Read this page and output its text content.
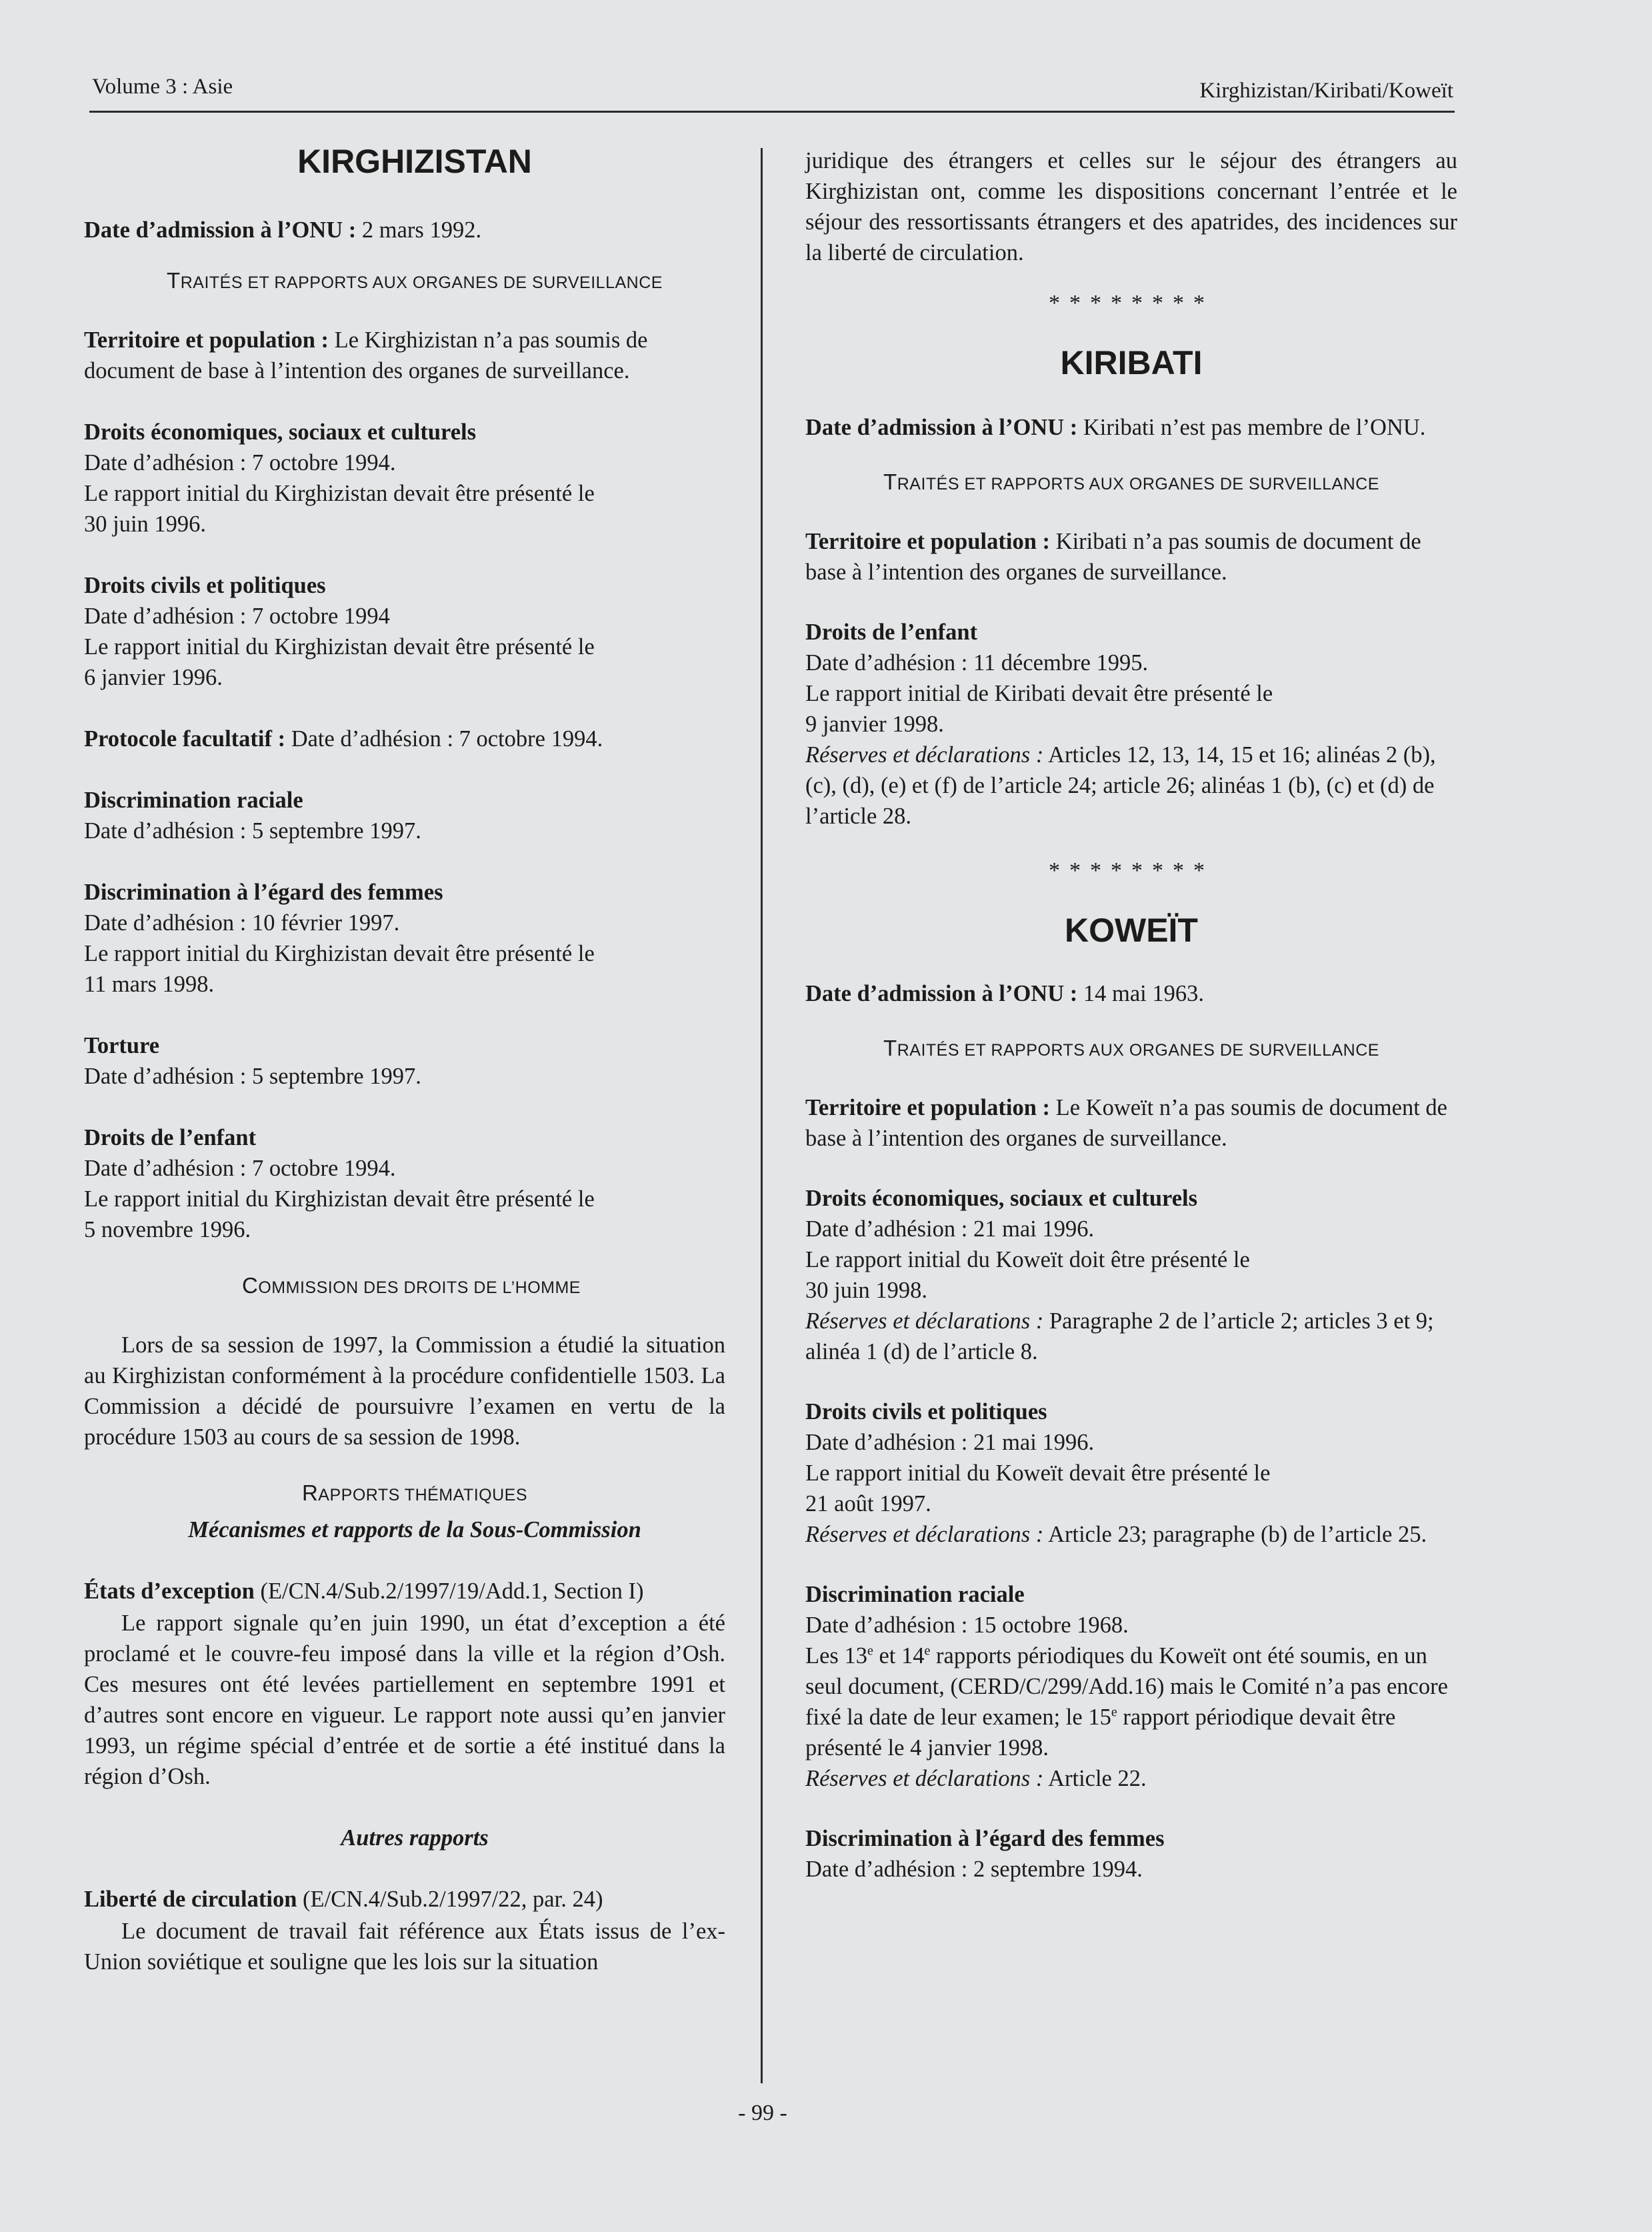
Volume 3 : Asie	Kirghizistan/Kiribati/Koweït
KIRGHIZISTAN

Date d’admission à l’ONU : 2 mars 1992.

TRAITÉS ET RAPPORTS AUX ORGANES DE SURVEILLANCE

Territoire et population : Le Kirghizistan n’a pas soumis de document de base à l’intention des organes de surveillance.

Droits économiques, sociaux et culturels
Date d’adhésion : 7 octobre 1994.
Le rapport initial du Kirghizistan devait être présenté le
30 juin 1996.
Droits civils et politiques
Date d’adhésion : 7 octobre 1994
Le rapport initial du Kirghizistan devait être présenté le
6 janvier 1996.

Protocole facultatif : Date d’adhésion : 7 octobre 1994.

Discrimination raciale
Date d’adhésion : 5 septembre 1997.
Discrimination à l’égard des femmes
Date d’adhésion : 10 février 1997.
Le rapport initial du Kirghizistan devait être présenté le
11 mars 1998.
Torture
Date d’adhésion : 5 septembre 1997.
Droits de l’enfant
Date d’adhésion : 7 octobre 1994.
Le rapport initial du Kirghizistan devait être présenté le
5 novembre 1996.
COMMISSION DES DROITS DE L’HOMME

Lors de sa session de 1997, la Commission a étudié la situation au Kirghizistan conformément à la procédure confidentielle 1503. La Commission a décidé de poursuivre l’examen en vertu de la procédure 1503 au cours de sa session de 1998.

RAPPORTS THÉMATIQUES
Mécanismes et rapports de la Sous-Commission

États d’exception (E/CN.4/Sub.2/1997/19/Add.1, Section I)

Le rapport signale qu’en juin 1990, un état d’exception a été proclamé et le couvre-feu imposé dans la ville et la région d’Osh. Ces mesures ont été levées partiellement en septembre 1991 et d’autres sont encore en vigueur. Le rapport note aussi qu’en janvier 1993, un régime spécial d’entrée et de sortie a été institué dans la région d’Osh.

Autres rapports

Liberté de circulation (E/CN.4/Sub.2/1997/22, par. 24)

Le document de travail fait référence aux États issus de l’ex-Union soviétique et souligne que les lois sur la situation

juridique des étrangers et celles sur le séjour des étrangers au Kirghizistan ont, comme les dispositions concernant l’entrée et le séjour des ressortissants étrangers et des apatrides, des incidences sur la liberté de circulation.

********
KIRIBATI

Date d’admission à l’ONU : Kiribati n’est pas membre de l’ONU.

TRAITÉS ET RAPPORTS AUX ORGANES DE SURVEILLANCE

Territoire et population : Kiribati n’a pas soumis de document de base à l’intention des organes de surveillance.

Droits de l’enfant
Date d’adhésion : 11 décembre 1995.
Le rapport initial de Kiribati devait être présenté le
9 janvier 1998.
Réserves et déclarations : Articles 12, 13, 14, 15 et 16; alinéas 2 (b), (c), (d), (e) et (f) de l’article 24; article 26; alinéas 1 (b), (c) et (d) de l’article 28.
********
KOWEÏT

Date d’admission à l’ONU : 14 mai 1963.

TRAITÉS ET RAPPORTS AUX ORGANES DE SURVEILLANCE

Territoire et population : Le Koweït n’a pas soumis de document de base à l’intention des organes de surveillance.

Droits économiques, sociaux et culturels
Date d’adhésion : 21 mai 1996.
Le rapport initial du Koweït doit être présenté le
30 juin 1998.
Réserves et déclarations : Paragraphe 2 de l’article 2; articles 3 et 9; alinéa 1 (d) de l’article 8.
Droits civils et politiques
Date d’adhésion : 21 mai 1996.
Le rapport initial du Koweït devait être présenté le
21 août 1997.
Réserves et déclarations : Article 23; paragraphe (b) de l’article 25.
Discrimination raciale
Date d’adhésion : 15 octobre 1968.
Les 13e et 14e rapports périodiques du Koweït ont été soumis, en un seul document, (CERD/C/299/Add.16) mais le Comité n’a pas encore fixé la date de leur examen; le 15e rapport périodique devait être présenté le 4 janvier 1998.
Réserves et déclarations : Article 22.
Discrimination à l’égard des femmes
Date d’adhésion : 2 septembre 1994.
- 99 -
